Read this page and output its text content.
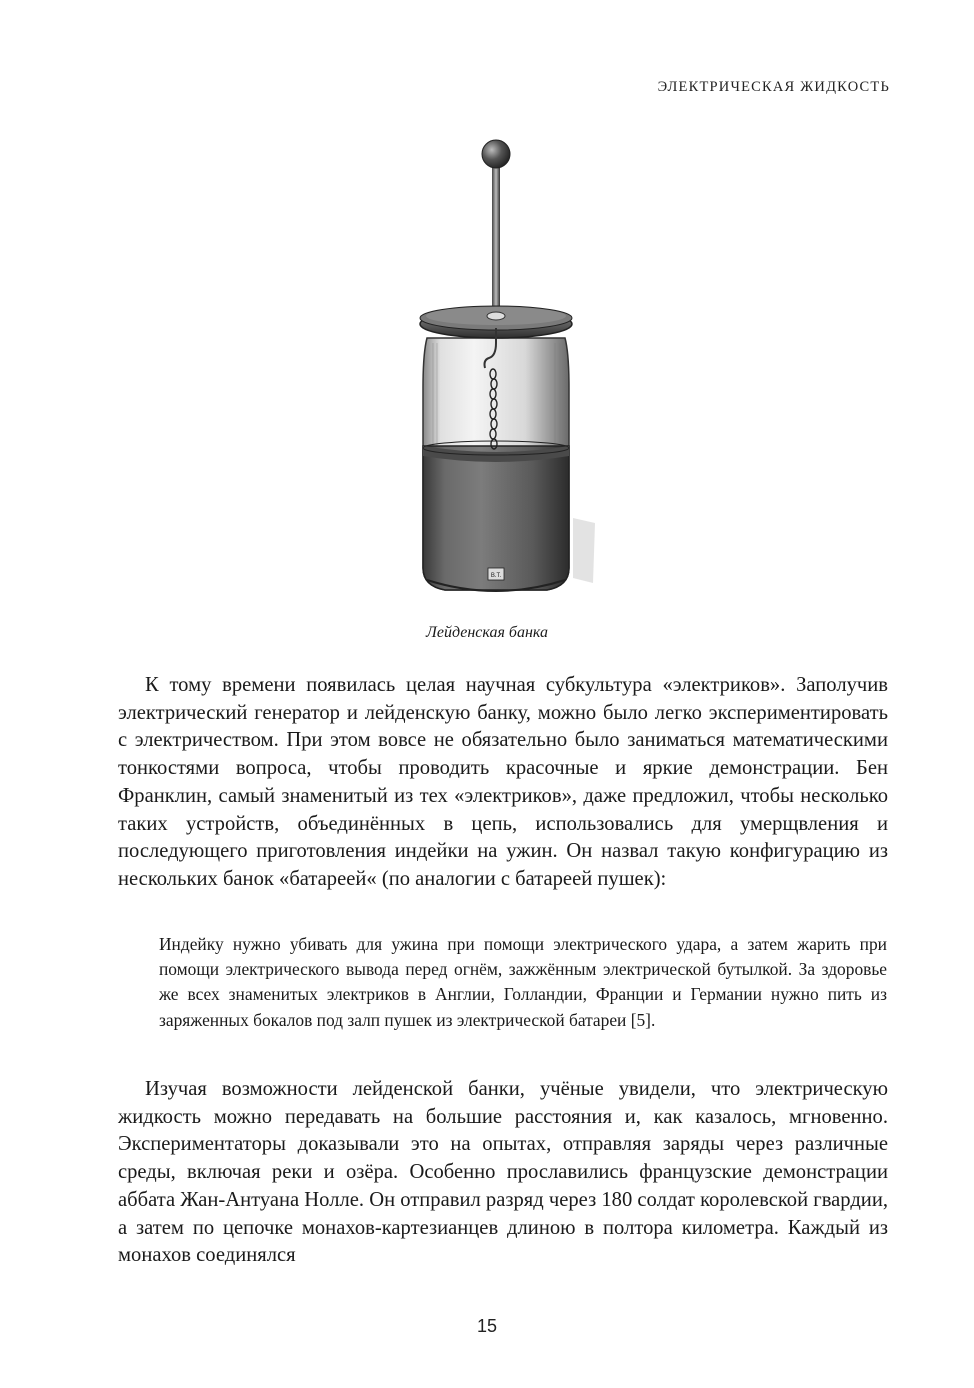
ЭЛЕКТРИЧЕСКАЯ ЖИДКОСТЬ
B.T.
Лейденская банка

К тому времени появилась целая научная субкультура «электриков». Заполучив электрический генератор и лейденскую банку, можно было легко экспериментировать с электричеством. При этом вовсе не обязательно было заниматься математическими тонкостями вопроса, чтобы проводить красочные и яркие демонстрации. Бен Франклин, самый знаменитый из тех «электриков», даже предложил, чтобы несколько таких устройств, объединённых в цепь, использовались для умерщвления и последующего приготовления индейки на ужин. Он назвал такую конфигурацию из нескольких банок «батареей« (по аналогии с батареей пушек):

Индейку нужно убивать для ужина при помощи электрического удара, а затем жарить при помощи электрического вывода перед огнём, зажжённым электрической бутылкой. За здоровье же всех знаменитых электриков в Англии, Голландии, Франции и Германии нужно пить из заряженных бокалов под залп пушек из электрической батареи [5].

Изучая возможности лейденской банки, учёные увидели, что электрическую жидкость можно передавать на большие расстояния и, как казалось, мгновенно. Экспериментаторы доказывали это на опытах, отправляя заряды через различные среды, включая реки и озёра. Особенно прославились французские демонстрации аббата Жан-Антуана Нолле. Он отправил разряд через 180 солдат королевской гвардии, а затем по цепочке монахов-картезианцев длиною в полтора километра. Каждый из монахов соединялся

15
